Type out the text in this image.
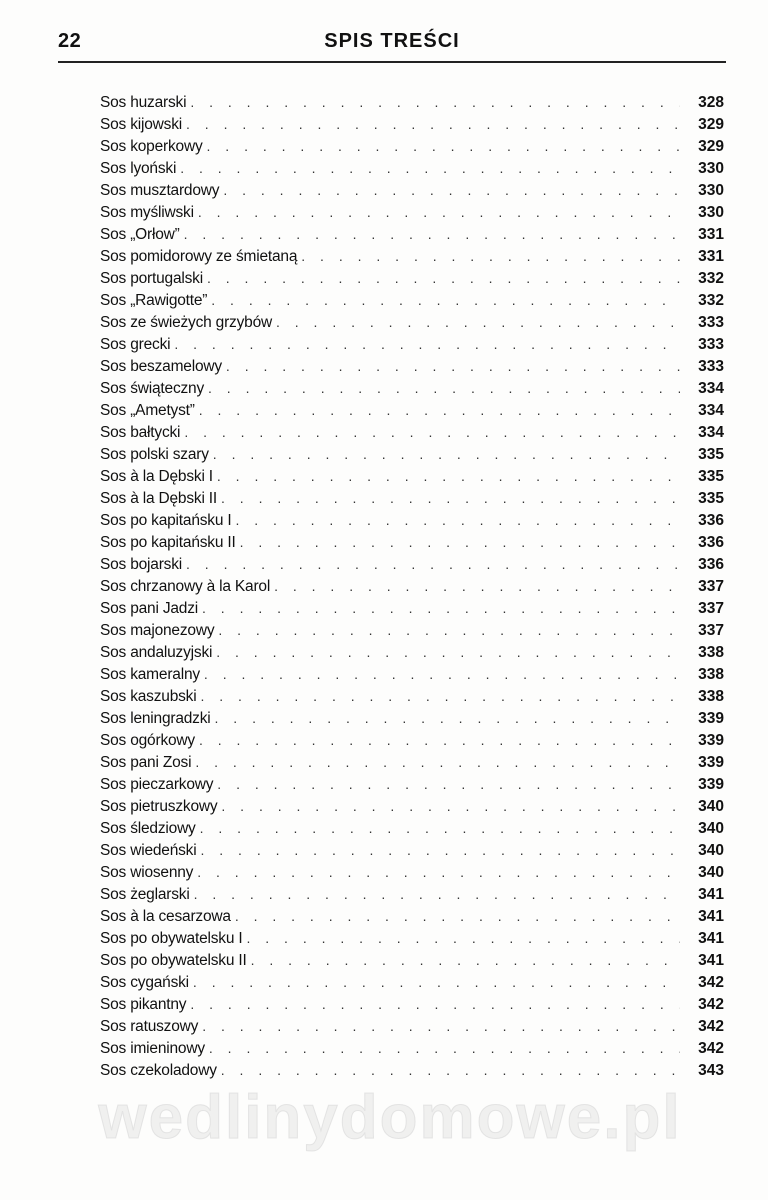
22	SPIS TREŚCI
Sos huzarski . . .	328
Sos kijowski . . .	329
Sos koperkowy . . .	329
Sos lyoński . . .	330
Sos musztardowy . . .	330
Sos myśliwski . . .	330
Sos „Orłow” . . .	331
Sos pomidorowy ze śmietaną . . .	331
Sos portugalski . . .	332
Sos „Rawigotte” . . .	332
Sos ze świeżych grzybów . . .	333
Sos grecki . . .	333
Sos beszamelowy . . .	333
Sos świąteczny . . .	334
Sos „Ametyst” . . .	334
Sos bałtycki . . .	334
Sos polski szary . . .	335
Sos à la Dębski I . . .	335
Sos à la Dębski II . . .	335
Sos po kapitańsku I . . .	336
Sos po kapitańsku II . . .	336
Sos bojarski . . .	336
Sos chrzanowy à la Karol . . .	337
Sos pani Jadzi . . .	337
Sos majonezowy . . .	337
Sos andaluzyjski . . .	338
Sos kameralny . . .	338
Sos kaszubski . . .	338
Sos leningradzki . . .	339
Sos ogórkowy . . .	339
Sos pani Zosi . . .	339
Sos pieczarkowy . . .	339
Sos pietruszkowy . . .	340
Sos śledziowy . . .	340
Sos wiedeński . . .	340
Sos wiosenny . . .	340
Sos żeglarski . . .	341
Sos à la cesarzowa . . .	341
Sos po obywatelsku I . . .	341
Sos po obywatelsku II . . .	341
Sos cygański . . .	342
Sos pikantny . . .	342
Sos ratuszowy . . .	342
Sos imieninowy . . .	342
Sos czekoladowy . . .	343
wedlinydomowe.pl
